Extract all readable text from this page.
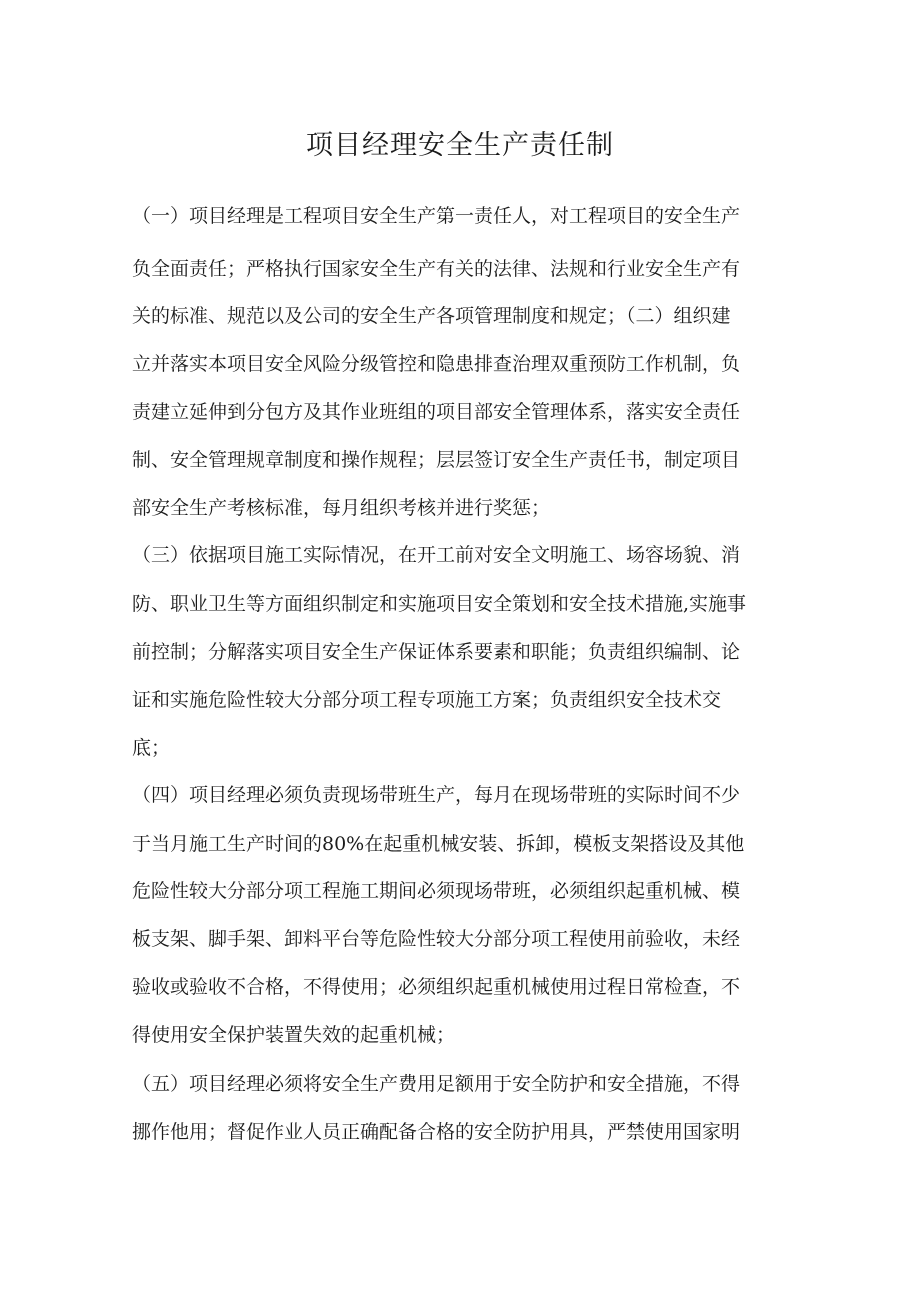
项目经理安全生产责任制
（一）项目经理是工程项目安全生产第一责任人，对工程项目的安全生产
负全面责任；严格执行国家安全生产有关的法律、法规和行业安全生产有
关的标准、规范以及公司的安全生产各项管理制度和规定；（二）组织建
立并落实本项目安全风险分级管控和隐患排查治理双重预防工作机制，负
责建立延伸到分包方及其作业班组的项目部安全管理体系，落实安全责任
制、安全管理规章制度和操作规程；层层签订安全生产责任书，制定项目
部安全生产考核标准，每月组织考核并进行奖惩；
（三）依据项目施工实际情况，在开工前对安全文明施工、场容场貌、消
防、职业卫生等方面组织制定和实施项目安全策划和安全技术措施,实施事
前控制；分解落实项目安全生产保证体系要素和职能；负责组织编制、论
证和实施危险性较大分部分项工程专项施工方案；负责组织安全技术交
底；
（四）项目经理必须负责现场带班生产，每月在现场带班的实际时间不少
于当月施工生产时间的80%在起重机械安装、拆卸，模板支架搭设及其他
危险性较大分部分项工程施工期间必须现场带班，必须组织起重机械、模
板支架、脚手架、卸料平台等危险性较大分部分项工程使用前验收，未经
验收或验收不合格，不得使用；必须组织起重机械使用过程日常检查，不
得使用安全保护装置失效的起重机械；
（五）项目经理必须将安全生产费用足额用于安全防护和安全措施，不得
挪作他用；督促作业人员正确配备合格的安全防护用具，严禁使用国家明
